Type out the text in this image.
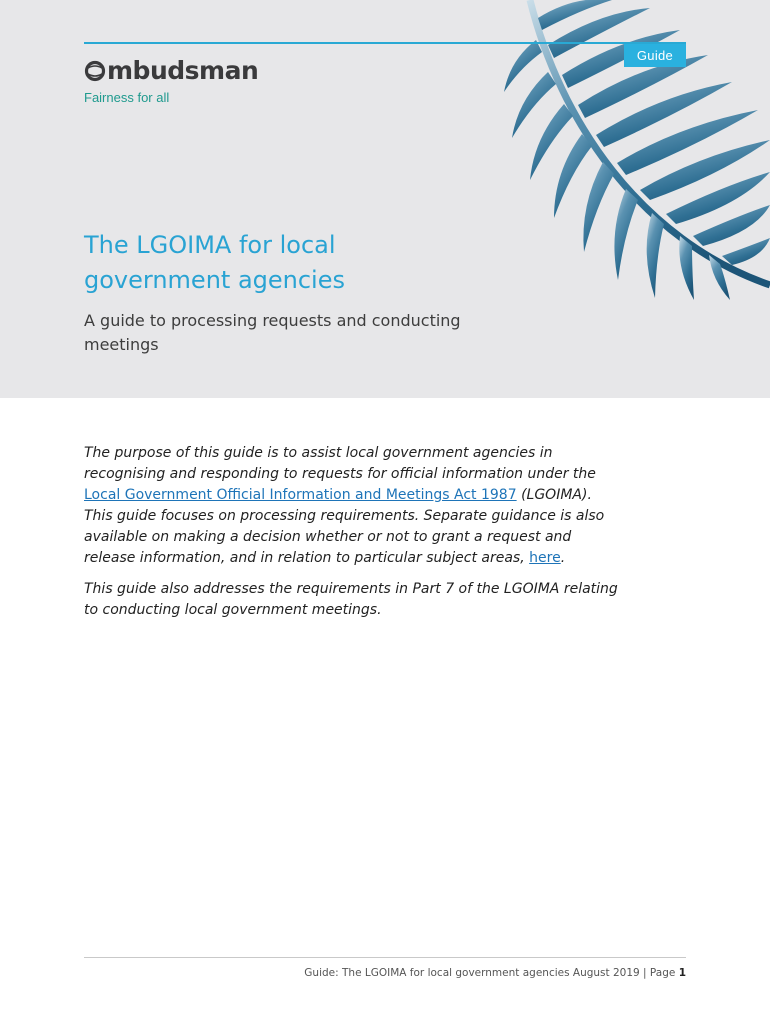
Guide
mbudsman
Fairness for all
The LGOIMA for local
government agencies

A guide to processing requests and conducting meetings

The purpose of this guide is to assist local government agencies in recognising and responding to requests for official information under the Local Government Official Information and Meetings Act 1987 (LGOIMA). This guide focuses on processing requirements. Separate guidance is also available on making a decision whether or not to grant a request and release information, and in relation to particular subject areas, here.

This guide also addresses the requirements in Part 7 of the LGOIMA relating to conducting local government meetings.

Guide: The LGOIMA for local government agencies August 2019 | Page 1
